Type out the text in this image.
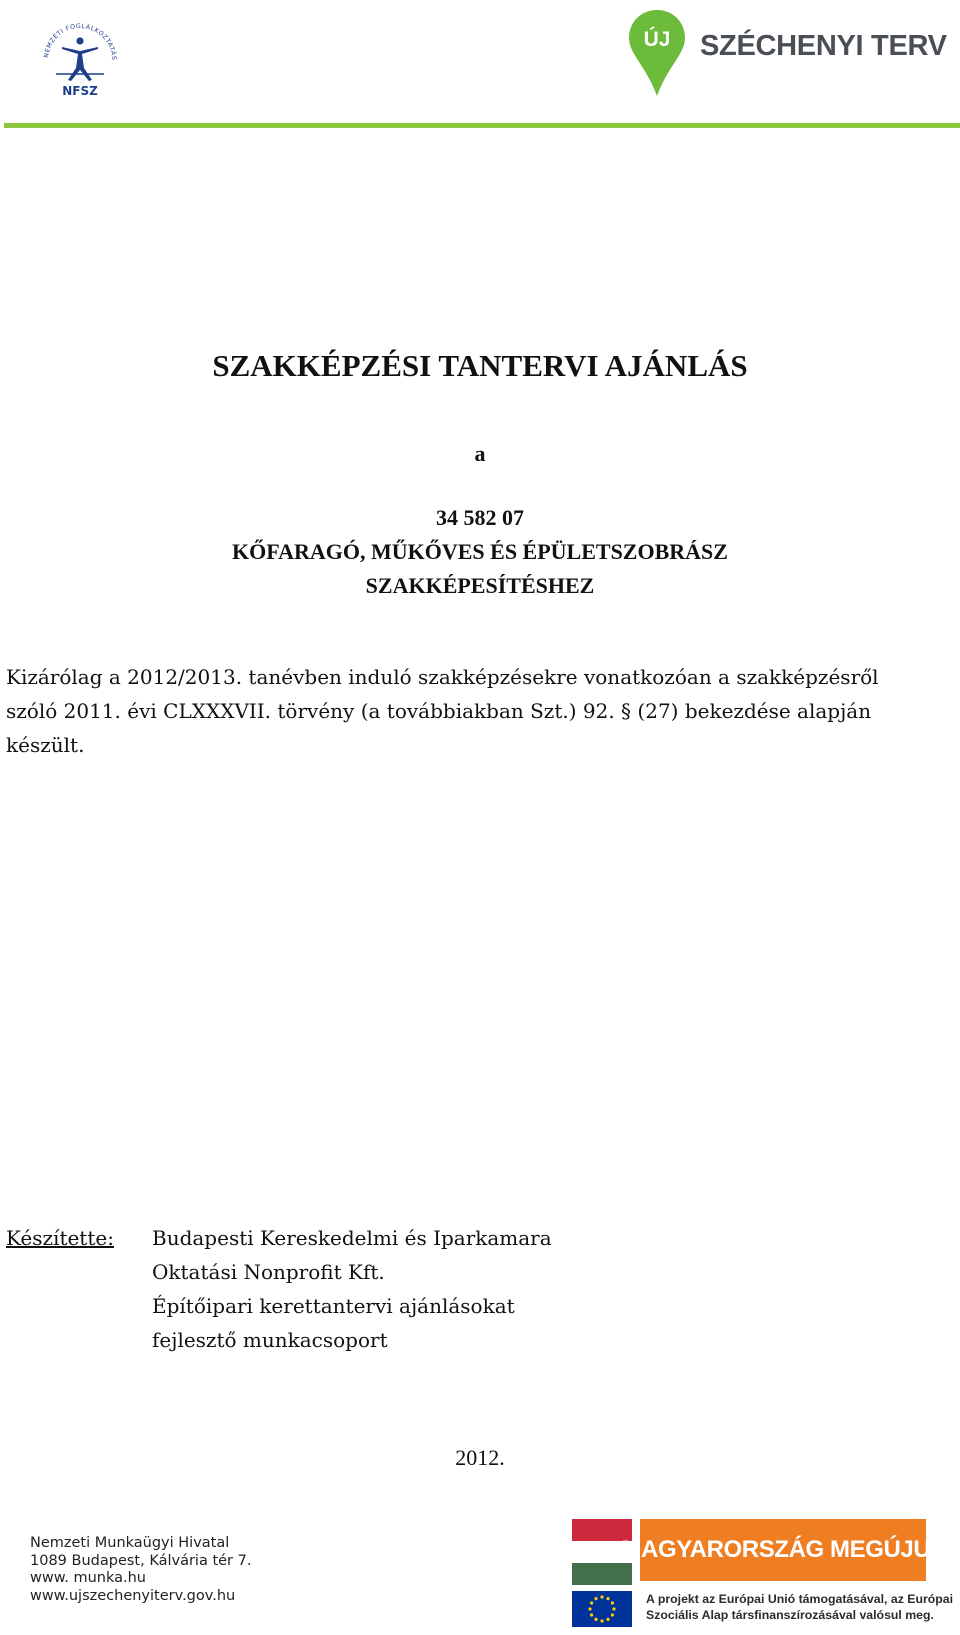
NEMZETI FOGLALKOZTATÁS
NFSZ
ÚJ SZÉCHENYI TERV
SZAKKÉPZÉSI TANTERVI AJÁNLÁS
a
34 582 07
KŐFARAGÓ, MŰKŐVES ÉS ÉPÜLETSZOBRÁSZ
SZAKKÉPESÍTÉSHEZ
Kizárólag a 2012/2013. tanévben induló szakképzésekre vonatkozóan a szakképzésről
szóló 2011. évi CLXXXVII. törvény (a továbbiakban Szt.) 92. § (27) bekezdése alapján
készült.
Készítette: Budapesti Kereskedelmi és Iparkamara
Oktatási Nonprofit Kft.
Építőipari kerettantervi ajánlásokat
fejlesztő munkacsoport
2012.
Nemzeti Munkaügyi Hivatal
1089 Budapest, Kálvária tér 7.
www. munka.hu
www.ujszechenyiterv.gov.hu
MAGYARORSZÁG MEGÚJUL
A projekt az Európai Unió támogatásával, az Európai
Szociális Alap társfinanszírozásával valósul meg.
